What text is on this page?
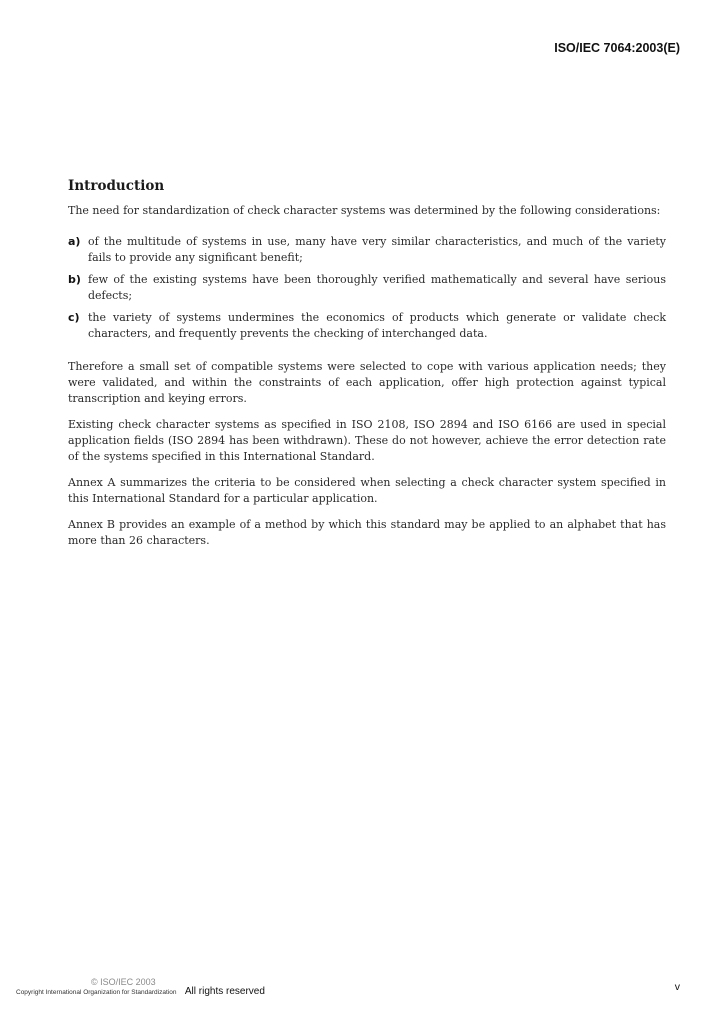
ISO/IEC 7064:2003(E)
Introduction

The need for standardization of check character systems was determined by the following considerations:

a) of the multitude of systems in use, many have very similar characteristics, and much of the variety fails to provide any significant benefit;
b) few of the existing systems have been thoroughly verified mathematically and several have serious defects;
c) the variety of systems undermines the economics of products which generate or validate check characters, and frequently prevents the checking of interchanged data.

Therefore a small set of compatible systems were selected to cope with various application needs; they were validated, and within the constraints of each application, offer high protection against typical transcription and keying errors.

Existing check character systems as specified in ISO 2108, ISO 2894 and ISO 6166 are used in special application fields (ISO 2894 has been withdrawn). These do not however, achieve the error detection rate of the systems specified in this International Standard.

Annex A summarizes the criteria to be considered when selecting a check character system specified in this International Standard for a particular application.

Annex B provides an example of a method by which this standard may be applied to an alphabet that has more than 26 characters.

© ISO/IEC 2003
Copyright International Organization for Standardization All rights reserved	v
